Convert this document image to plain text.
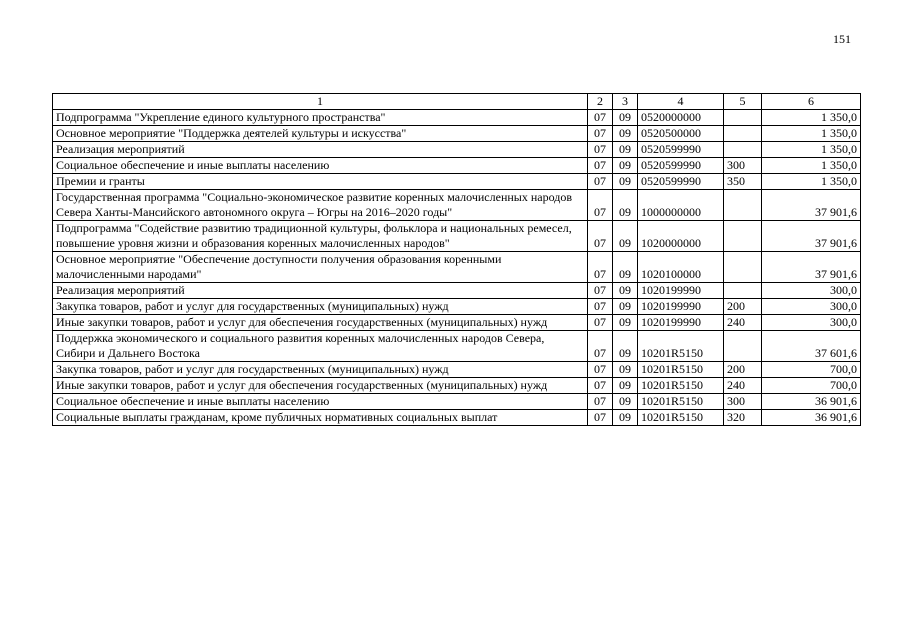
151
1	2	3	4	5	6
Подпрограмма "Укрепление единого культурного пространства"	07	09	0520000000		1 350,0
Основное мероприятие "Поддержка деятелей культуры и искусства"	07	09	0520500000		1 350,0
Реализация мероприятий	07	09	0520599990		1 350,0
Социальное обеспечение и иные выплаты населению	07	09	0520599990	300	1 350,0
Премии и гранты	07	09	0520599990	350	1 350,0
Государственная программа "Социально-экономическое развитие коренных малочисленных народов Севера Ханты-Мансийского автономного округа – Югры на 2016–2020 годы"	07	09	1000000000		37 901,6
Подпрограмма "Содействие развитию традиционной культуры, фольклора и национальных ремесел, повышение уровня жизни и образования коренных малочисленных народов"	07	09	1020000000		37 901,6
Основное мероприятие "Обеспечение доступности получения образования коренными малочисленными народами"	07	09	1020100000		37 901,6
Реализация мероприятий	07	09	1020199990		300,0
Закупка товаров, работ и услуг для государственных (муниципальных) нужд	07	09	1020199990	200	300,0
Иные закупки товаров, работ и услуг для обеспечения государственных (муниципальных) нужд	07	09	1020199990	240	300,0
Поддержка экономического и социального развития коренных малочисленных народов Севера, Сибири и Дальнего Востока	07	09	10201R5150		37 601,6
Закупка товаров, работ и услуг для государственных (муниципальных) нужд	07	09	10201R5150	200	700,0
Иные закупки товаров, работ и услуг для обеспечения государственных (муниципальных) нужд	07	09	10201R5150	240	700,0
Социальное обеспечение и иные выплаты населению	07	09	10201R5150	300	36 901,6
Социальные выплаты гражданам, кроме публичных нормативных социальных выплат	07	09	10201R5150	320	36 901,6
